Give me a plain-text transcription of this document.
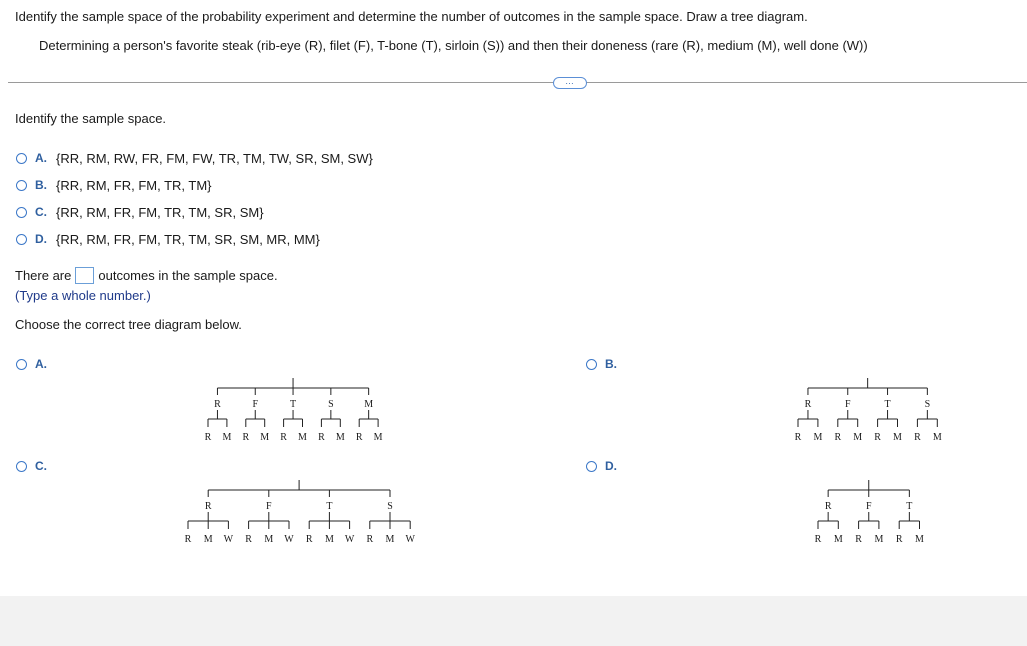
Identify the sample space of the probability experiment and determine the number of outcomes in the sample space. Draw a tree diagram.
Determining a person's favorite steak (rib-eye (R), filet (F), T-bone (T), sirloin (S)) and then their doneness (rare (R), medium (M), well done (W))
…
Identify the sample space.
A. {RR, RM, RW, FR, FM, FW, TR, TM, TW, SR, SM, SW}
B. {RR, RM, FR, FM, TR, TM}
C. {RR, RM, FR, FM, TR, TM, SR, SM}
D. {RR, RM, FR, FM, TR, TM, SR, SM, MR, MM}
There are outcomes in the sample space.
(Type a whole number.)
Choose the correct tree diagram below.
A.	B.
C.	D.
R	F	T	S	M
R M R M R M R M R M
R	F	T	S
R M R M R M R M
R	F	T	S
R M W R M W R M W R M W
R	F	T
R M R M R M
